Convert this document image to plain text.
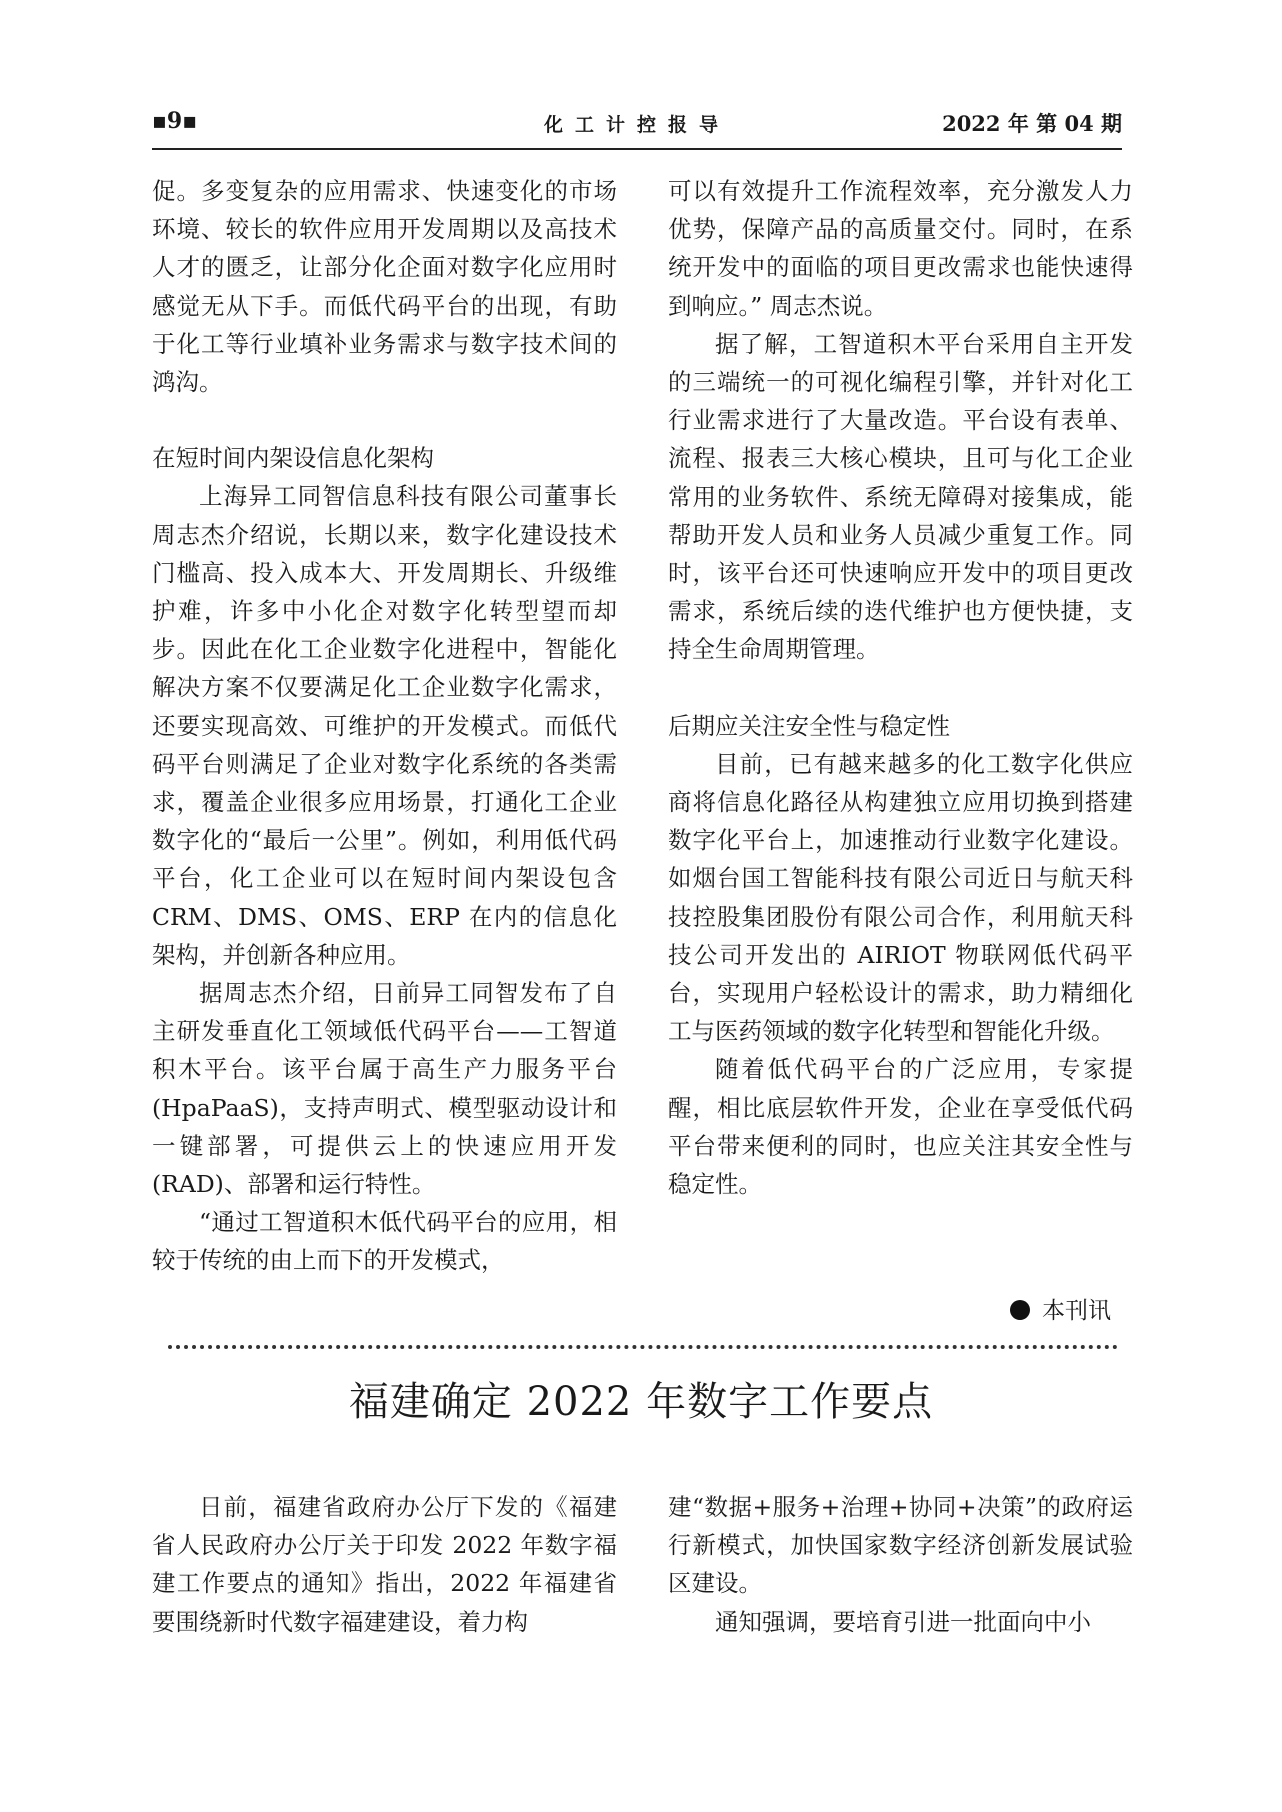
▪9▪	化工计控报导	2022 年 第 04 期

促。多变复杂的应用需求、快速变化的市场环境、较长的软件应用开发周期以及高技术人才的匮乏，让部分化企面对数字化应用时感觉无从下手。而低代码平台的出现，有助于化工等行业填补业务需求与数字技术间的鸿沟。

在短时间内架设信息化架构

上海异工同智信息科技有限公司董事长周志杰介绍说，长期以来，数字化建设技术门槛高、投入成本大、开发周期长、升级维护难，许多中小化企对数字化转型望而却步。因此在化工企业数字化进程中，智能化解决方案不仅要满足化工企业数字化需求，还要实现高效、可维护的开发模式。而低代码平台则满足了企业对数字化系统的各类需求，覆盖企业很多应用场景，打通化工企业数字化的“最后一公里”。例如，利用低代码平台，化工企业可以在短时间内架设包含 CRM、DMS、OMS、ERP 在内的信息化架构，并创新各种应用。

据周志杰介绍，日前异工同智发布了自主研发垂直化工领域低代码平台——工智道积木平台。该平台属于高生产力服务平台(HpaPaaS)，支持声明式、模型驱动设计和一键部署，可提供云上的快速应用开发(RAD)、部署和运行特性。

“通过工智道积木低代码平台的应用，相较于传统的由上而下的开发模式，

可以有效提升工作流程效率，充分激发人力优势，保障产品的高质量交付。同时，在系统开发中的面临的项目更改需求也能快速得到响应。” 周志杰说。

据了解，工智道积木平台采用自主开发的三端统一的可视化编程引擎，并针对化工行业需求进行了大量改造。平台设有表单、流程、报表三大核心模块，且可与化工企业常用的业务软件、系统无障碍对接集成，能帮助开发人员和业务人员减少重复工作。同时，该平台还可快速响应开发中的项目更改需求，系统后续的迭代维护也方便快捷，支持全生命周期管理。

后期应关注安全性与稳定性

目前，已有越来越多的化工数字化供应商将信息化路径从构建独立应用切换到搭建数字化平台上，加速推动行业数字化建设。如烟台国工智能科技有限公司近日与航天科技控股集团股份有限公司合作，利用航天科技公司开发出的 AIRIOT 物联网低代码平台，实现用户轻松设计的需求，助力精细化工与医药领域的数字化转型和智能化升级。

随着低代码平台的广泛应用，专家提醒，相比底层软件开发，企业在享受低代码平台带来便利的同时，也应关注其安全性与稳定性。

本刊讯
福建确定 2022 年数字工作要点

日前，福建省政府办公厅下发的《福建省人民政府办公厅关于印发 2022 年数字福建工作要点的通知》指出，2022 年福建省要围绕新时代数字福建建设，着力构

建“数据+服务+治理+协同+决策”的政府运行新模式，加快国家数字经济创新发展试验区建设。

通知强调，要培育引进一批面向中小
